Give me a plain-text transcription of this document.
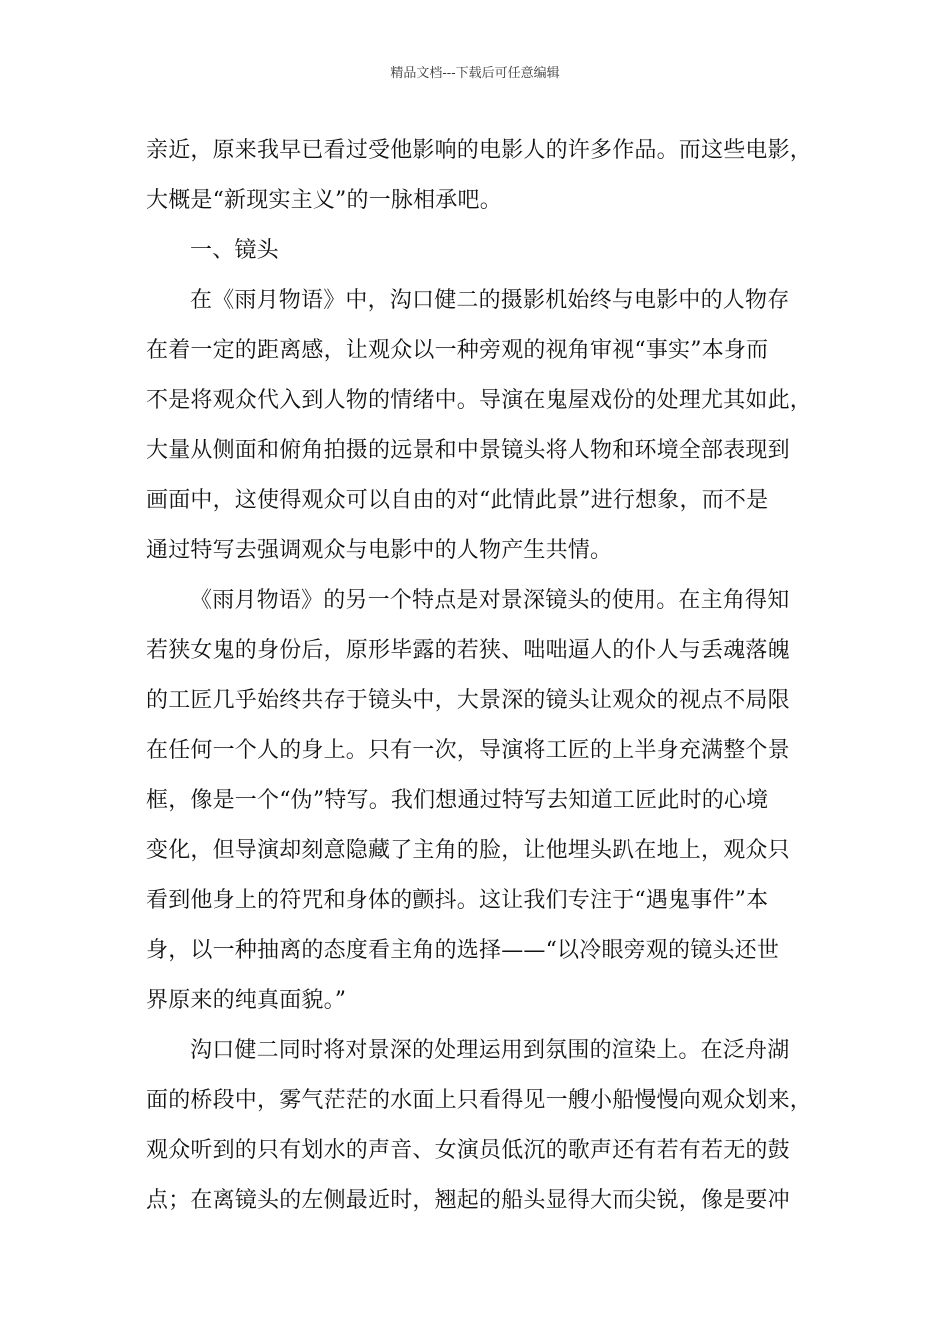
精品文档---下载后可任意编辑
亲近，原来我早已看过受他影响的电影人的许多作品。而这些电影，
大概是“新现实主义”的一脉相承吧。
一、镜头
在《雨月物语》中，沟口健二的摄影机始终与电影中的人物存
在着一定的距离感，让观众以一种旁观的视角审视“事实”本身而
不是将观众代入到人物的情绪中。导演在鬼屋戏份的处理尤其如此，
大量从侧面和俯角拍摄的远景和中景镜头将人物和环境全部表现到
画面中，这使得观众可以自由的对“此情此景”进行想象，而不是
通过特写去强调观众与电影中的人物产生共情。
《雨月物语》的另一个特点是对景深镜头的使用。在主角得知
若狭女鬼的身份后，原形毕露的若狭、咄咄逼人的仆人与丢魂落魄
的工匠几乎始终共存于镜头中，大景深的镜头让观众的视点不局限
在任何一个人的身上。只有一次，导演将工匠的上半身充满整个景
框，像是一个“伪”特写。我们想通过特写去知道工匠此时的心境
变化，但导演却刻意隐藏了主角的脸，让他埋头趴在地上，观众只
看到他身上的符咒和身体的颤抖。这让我们专注于“遇鬼事件”本
身，以一种抽离的态度看主角的选择——“以冷眼旁观的镜头还世
界原来的纯真面貌。”
沟口健二同时将对景深的处理运用到氛围的渲染上。在泛舟湖
面的桥段中，雾气茫茫的水面上只看得见一艘小船慢慢向观众划来，
观众听到的只有划水的声音、女演员低沉的歌声还有若有若无的鼓
点；在离镜头的左侧最近时，翘起的船头显得大而尖锐，像是要冲
